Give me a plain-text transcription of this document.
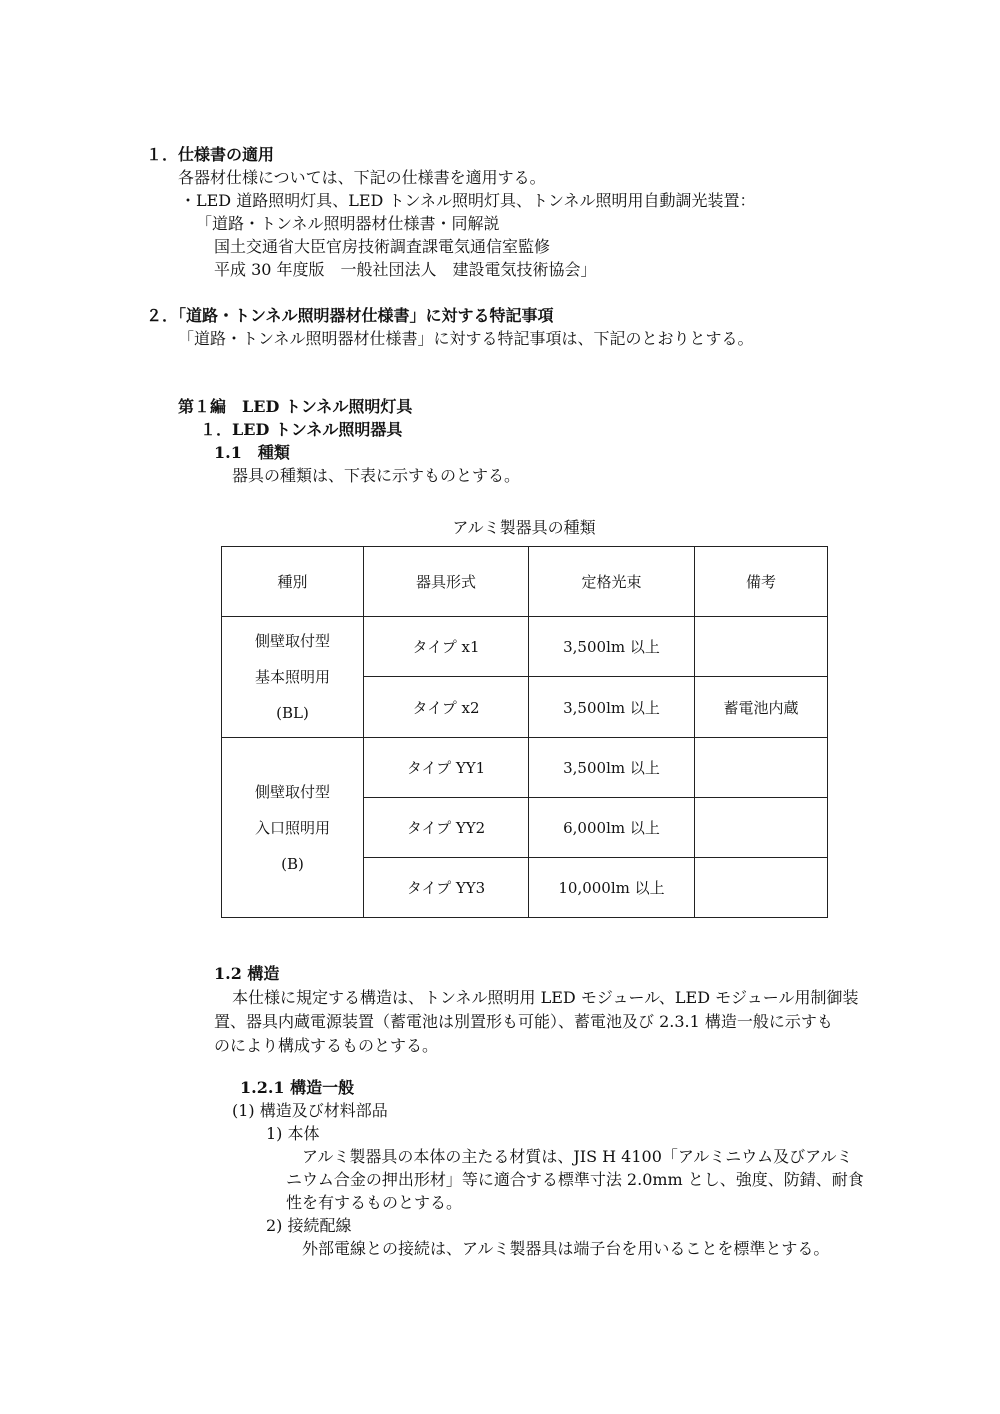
１．仕様書の適用
各器材仕様については、下記の仕様書を適用する。
・LED 道路照明灯具、LED トンネル照明灯具、トンネル照明用自動調光装置：
「道路・トンネル照明器材仕様書・同解説
国土交通省大臣官房技術調査課電気通信室監修
平成 30 年度版　一般社団法人　建設電気技術協会」
２．「道路・トンネル照明器材仕様書」に対する特記事項
「道路・トンネル照明器材仕様書」に対する特記事項は、下記のとおりとする。
第１編　LED トンネル照明灯具
１．LED トンネル照明器具
1.1　種類
器具の種類は、下表に示すものとする。
アルミ製器具の種類
種別	器具形式	定格光束	備考

側壁取付型
基本照明用
(BL)	タイプ x1	3,500lm 以上	
	タイプ x2	3,500lm 以上	蓄電池内蔵

側壁取付型
入口照明用
(B)	タイプ YY1	3,500lm 以上	
	タイプ YY2	6,000lm 以上	
	タイプ YY3	10,000lm 以上	
1.2 構造
本仕様に規定する構造は、トンネル照明用 LED モジュール、LED モジュール用制御装
置、器具内蔵電源装置（蓄電池は別置形も可能）、蓄電池及び 2.3.1 構造一般に示すも
のにより構成するものとする。
1.2.1 構造一般
(1) 構造及び材料部品
1) 本体
アルミ製器具の本体の主たる材質は、JIS H 4100「アルミニウム及びアルミ
ニウム合金の押出形材」等に適合する標準寸法 2.0mm とし、強度、防錆、耐食
性を有するものとする。
2) 接続配線
外部電線との接続は、アルミ製器具は端子台を用いることを標準とする。
